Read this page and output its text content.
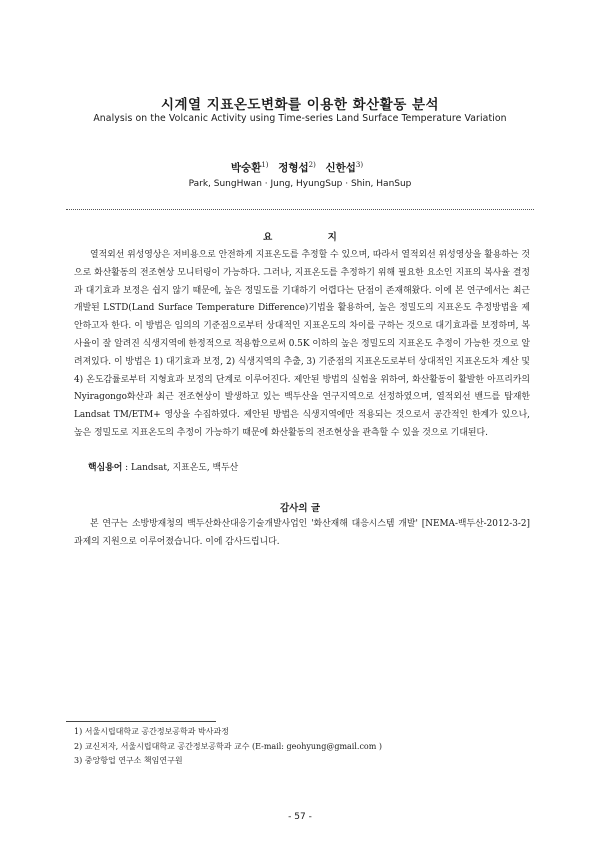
시계열 지표온도변화를 이용한 화산활동 분석
Analysis on the Volcanic Activity using Time-series Land Surface Temperature Variation
박숭환$^{1)}$ 정형섭$^{2)}$ 신한섭$^{3)}$
Park, SungHwan · Jung, HyungSup · Shin, HanSup
요 지

열적외선 위성영상은 저비용으로 안전하게 지표온도를 추정할 수 있으며, 따라서 열적외선 위성영상을 활용하는 것으로 화산활동의 전조현상 모니터링이 가능하다. 그러나, 지표온도를 추정하기 위해 필요한 요소인 지표의 복사율 결정과 대기효과 보정은 쉽지 않기 때문에, 높은 정밀도를 기대하기 어렵다는 단점이 존재해왔다. 이에 본 연구에서는 최근 개발된 LSTD(Land Surface Temperature Difference)기법을 활용하여, 높은 정밀도의 지표온도 추정방법을 제안하고자 한다. 이 방법은 임의의 기준점으로부터 상대적인 지표온도의 차이를 구하는 것으로 대기효과를 보정하며, 복사율이 잘 알려진 식생지역에 한정적으로 적용함으로써 0.5K 이하의 높은 정밀도의 지표온도 추정이 가능한 것으로 알려져있다. 이 방법은 1) 대기효과 보정, 2) 식생지역의 추출, 3) 기준점의 지표온도로부터 상대적인 지표온도차 계산 및 4) 온도감률로부터 지형효과 보정의 단계로 이루어진다. 제안된 방법의 실험을 위하여, 화산활동이 활발한 아프리카의 Nyiragongo화산과 최근 전조현상이 발생하고 있는 백두산을 연구지역으로 선정하였으며, 열적외선 밴드를 탑재한 Landsat TM/ETM+ 영상을 수집하였다. 제안된 방법은 식생지역에만 적용되는 것으로서 공간적인 한계가 있으나, 높은 정밀도로 지표온도의 추정이 가능하기 때문에 화산활동의 전조현상을 관측할 수 있을 것으로 기대된다.

핵심용어 : Landsat, 지표온도, 백두산
감사의 글

본 연구는 소방방재청의 백두산화산대응기술개발사업인 '화산재해 대응시스템 개발' [NEMA-백두산-2012-3-2]과제의 지원으로 이루어졌습니다. 이에 감사드립니다.

1) 서울시립대학교 공간정보공학과 박사과정
2) 교신저자, 서울시립대학교 공간정보공학과 교수 (E-mail: geohyung@gmail.com )
3) 중앙항업 연구소 책임연구원
- 57 -
